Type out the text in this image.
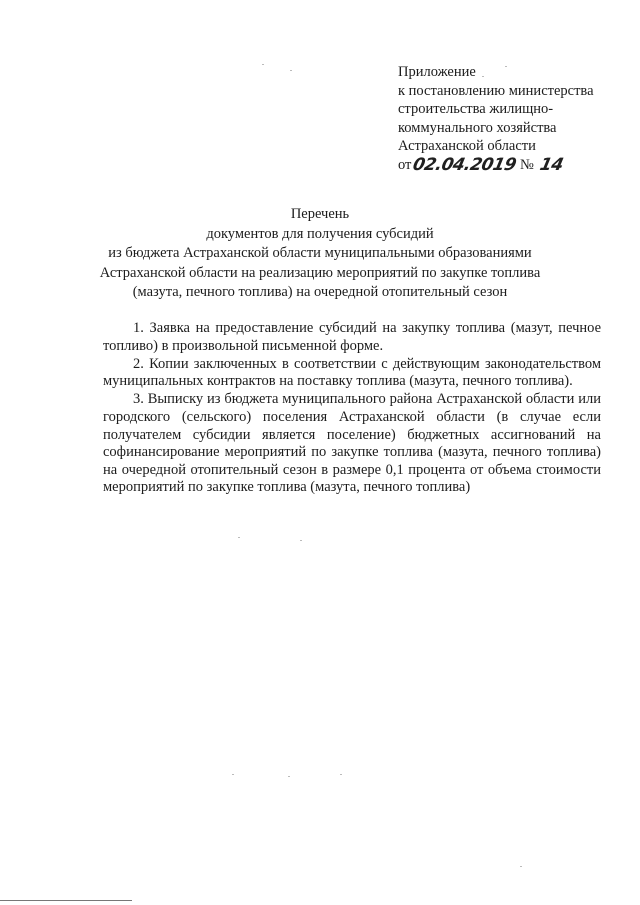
Приложение
к постановлению министерства
строительства жилищно-
коммунального хозяйства
Астраханской области
от 02.04.2019 № 14
Перечень
документов для получения субсидий
из бюджета Астраханской области муниципальными образованиями
Астраханской области на реализацию мероприятий по закупке топлива
(мазута, печного топлива) на очередной отопительный сезон

1. Заявка на предоставление субсидий на закупку топлива (мазут, печное топливо) в произвольной письменной форме.

2. Копии заключенных в соответствии с действующим законодательством муниципальных контрактов на поставку топлива (мазута, печного топлива).

3. Выписку из бюджета муниципального района Астраханской области или городского (сельского) поселения Астраханской области (в случае если получателем субсидии является поселение) бюджетных ассигнований на софинансирование мероприятий по закупке топлива (мазута, печного топлива) на очередной отопительный сезон в размере 0,1 процента от объема стоимости мероприятий по закупке топлива (мазута, печного топлива)
